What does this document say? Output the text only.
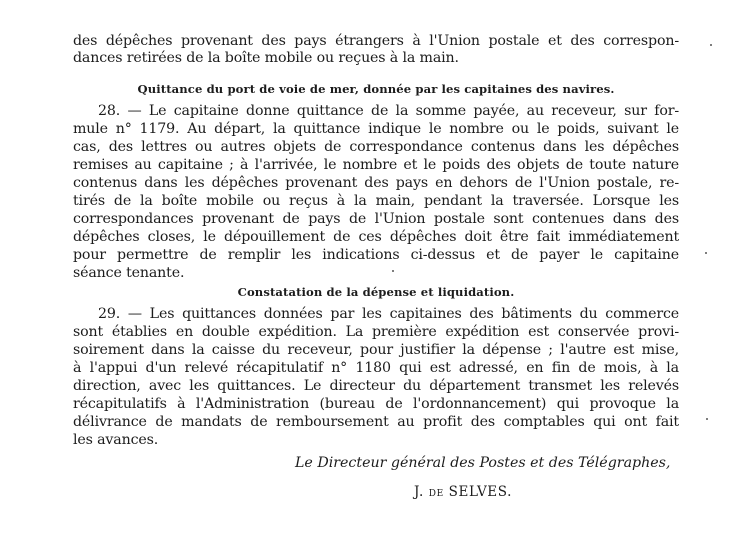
des dépêches provenant des pays étrangers à l'Union postale et des correspon-
dances retirées de la boîte mobile ou reçues à la main.
Quittance du port de voie de mer, donnée par les capitaines des navires.
28. — Le capitaine donne quittance de la somme payée, au receveur, sur for-
mule n° 1179. Au départ, la quittance indique le nombre ou le poids, suivant le
cas, des lettres ou autres objets de correspondance contenus dans les dépêches
remises au capitaine ; à l'arrivée, le nombre et le poids des objets de toute nature
contenus dans les dépêches provenant des pays en dehors de l'Union postale, re-
tirés de la boîte mobile ou reçus à la main, pendant la traversée. Lorsque les
correspondances provenant de pays de l'Union postale sont contenues dans des
dépêches closes, le dépouillement de ces dépêches doit être fait immédiatement
pour permettre de remplir les indications ci-dessus et de payer le capitaine
séance tenante.
Constatation de la dépense et liquidation.
29. — Les quittances données par les capitaines des bâtiments du commerce
sont établies en double expédition. La première expédition est conservée provi-
soirement dans la caisse du receveur, pour justifier la dépense ; l'autre est mise,
à l'appui d'un relevé récapitulatif n° 1180 qui est adressé, en fin de mois, à la
direction, avec les quittances. Le directeur du département transmet les relevés
récapitulatifs à l'Administration (bureau de l'ordonnancement) qui provoque la
délivrance de mandats de remboursement au profit des comptables qui ont fait
les avances.
Le Directeur général des Postes et des Télégraphes,
J. de SELVES.
